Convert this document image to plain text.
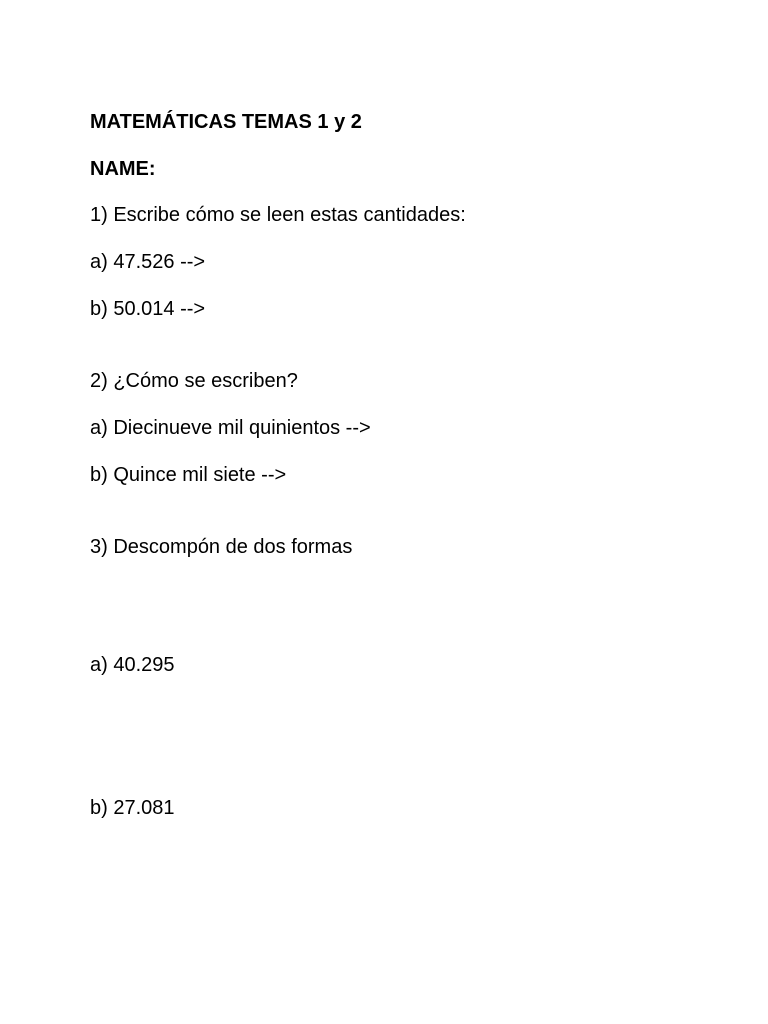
MATEMÁTICAS TEMAS 1 y 2
NAME:
1) Escribe cómo se leen estas cantidades:
a) 47.526 -->
b) 50.014 -->
2) ¿Cómo se escriben?
a) Diecinueve mil quinientos -->
b) Quince mil siete -->
3) Descompón de dos formas
a) 40.295
b) 27.081
